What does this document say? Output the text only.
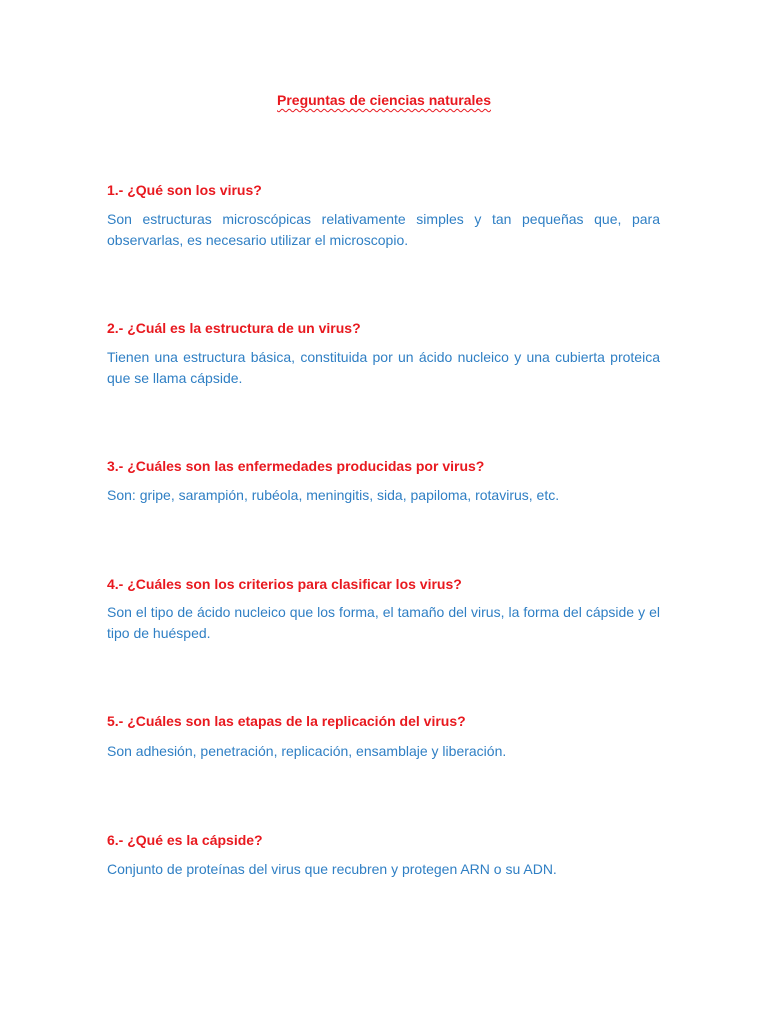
Preguntas de ciencias naturales

1.- ¿Qué son los virus?

Son estructuras microscópicas relativamente simples y tan pequeñas que, para observarlas, es necesario utilizar el microscopio.

2.- ¿Cuál es la estructura de un virus?

Tienen una estructura básica, constituida por un ácido nucleico y una cubierta proteica que se llama cápside.

3.- ¿Cuáles son las enfermedades producidas por virus?

Son: gripe, sarampión, rubéola, meningitis, sida, papiloma, rotavirus, etc.

4.- ¿Cuáles son los criterios para clasificar los virus?

Son el tipo de ácido nucleico que los forma, el tamaño del virus, la forma del cápside y el tipo de huésped.

5.- ¿Cuáles son las etapas de la replicación del virus?

Son adhesión, penetración, replicación, ensamblaje y liberación.

6.- ¿Qué es la cápside?

Conjunto de proteínas del virus que recubren y protegen ARN o su ADN.
